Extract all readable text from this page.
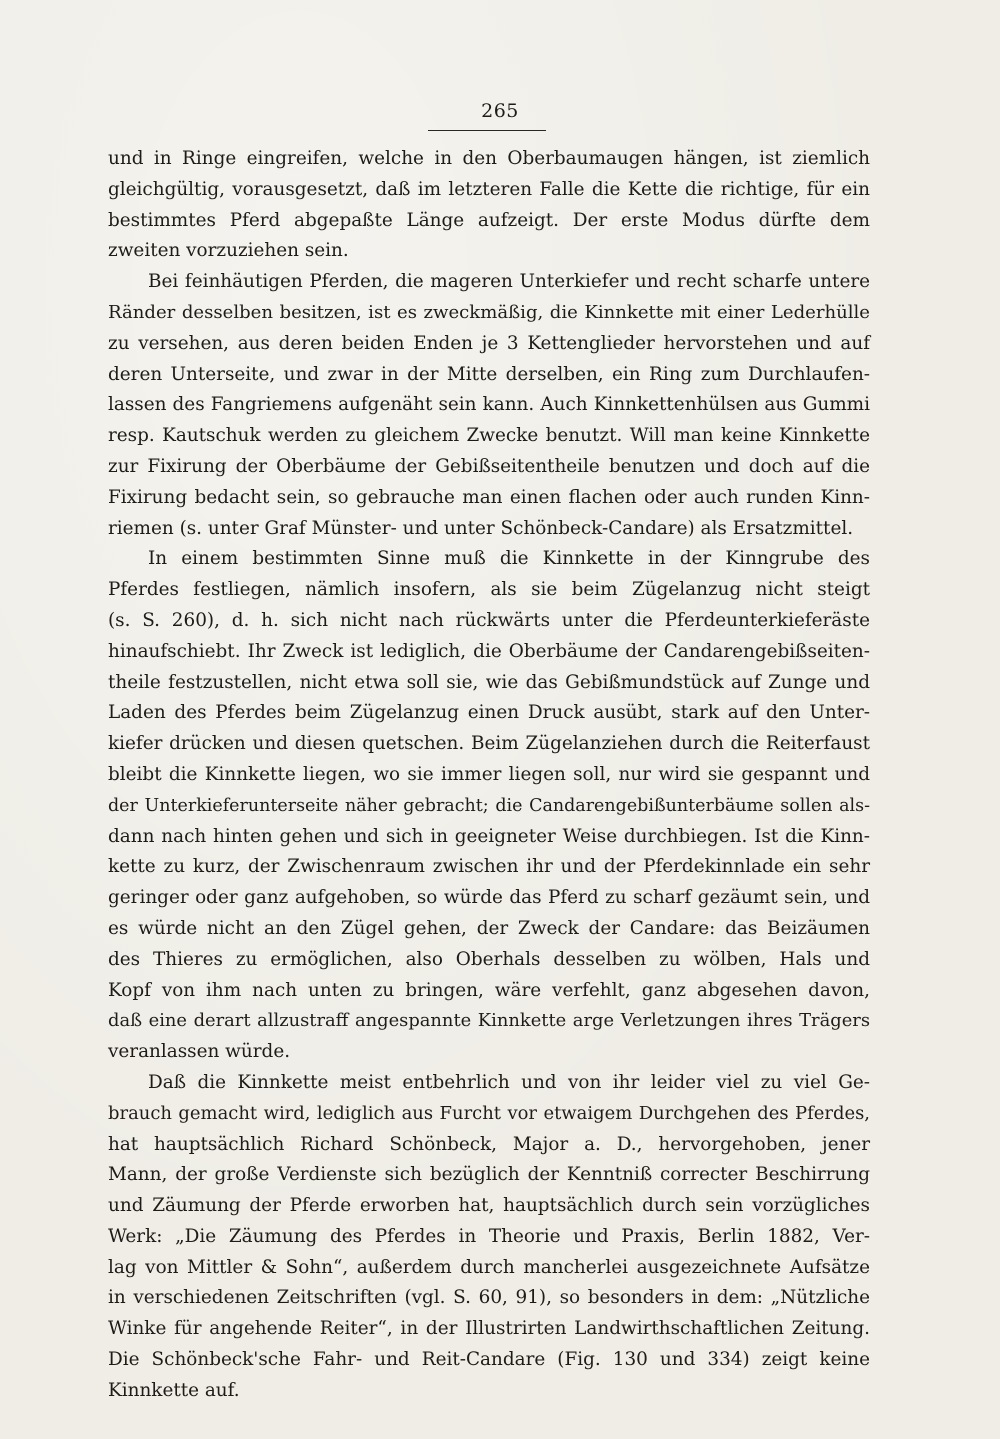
265
und in Ringe eingreifen, welche in den Oberbaumaugen hängen, ist ziemlich
gleichgültig, vorausgesetzt, daß im letzteren Falle die Kette die richtige, für ein
bestimmtes Pferd abgepaßte Länge aufzeigt. Der erste Modus dürfte dem
zweiten vorzuziehen sein.
Bei feinhäutigen Pferden, die mageren Unterkiefer und recht scharfe untere
Ränder desselben besitzen, ist es zweckmäßig, die Kinnkette mit einer Lederhülle
zu versehen, aus deren beiden Enden je 3 Kettenglieder hervorstehen und auf
deren Unterseite, und zwar in der Mitte derselben, ein Ring zum Durchlaufen-
lassen des Fangriemens aufgenäht sein kann. Auch Kinnkettenhülsen aus Gummi
resp. Kautschuk werden zu gleichem Zwecke benutzt. Will man keine Kinnkette
zur Fixirung der Oberbäume der Gebißseitentheile benutzen und doch auf die
Fixirung bedacht sein, so gebrauche man einen flachen oder auch runden Kinn-
riemen (s. unter Graf Münster- und unter Schönbeck-Candare) als Ersatzmittel.
In einem bestimmten Sinne muß die Kinnkette in der Kinngrube des
Pferdes festliegen, nämlich insofern, als sie beim Zügelanzug nicht steigt
(s. S. 260), d. h. sich nicht nach rückwärts unter die Pferdeunterkieferäste
hinaufschiebt. Ihr Zweck ist lediglich, die Oberbäume der Candarengebißseiten-
theile festzustellen, nicht etwa soll sie, wie das Gebißmundstück auf Zunge und
Laden des Pferdes beim Zügelanzug einen Druck ausübt, stark auf den Unter-
kiefer drücken und diesen quetschen. Beim Zügelanziehen durch die Reiterfaust
bleibt die Kinnkette liegen, wo sie immer liegen soll, nur wird sie gespannt und
der Unterkieferunterseite näher gebracht; die Candarengebißunterbäume sollen als-
dann nach hinten gehen und sich in geeigneter Weise durchbiegen. Ist die Kinn-
kette zu kurz, der Zwischenraum zwischen ihr und der Pferdekinnlade ein sehr
geringer oder ganz aufgehoben, so würde das Pferd zu scharf gezäumt sein, und
es würde nicht an den Zügel gehen, der Zweck der Candare: das Beizäumen
des Thieres zu ermöglichen, also Oberhals desselben zu wölben, Hals und
Kopf von ihm nach unten zu bringen, wäre verfehlt, ganz abgesehen davon,
daß eine derart allzustraff angespannte Kinnkette arge Verletzungen ihres Trägers
veranlassen würde.
Daß die Kinnkette meist entbehrlich und von ihr leider viel zu viel Ge-
brauch gemacht wird, lediglich aus Furcht vor etwaigem Durchgehen des Pferdes,
hat hauptsächlich Richard Schönbeck, Major a. D., hervorgehoben, jener
Mann, der große Verdienste sich bezüglich der Kenntniß correcter Beschirrung
und Zäumung der Pferde erworben hat, hauptsächlich durch sein vorzügliches
Werk: „Die Zäumung des Pferdes in Theorie und Praxis, Berlin 1882, Ver-
lag von Mittler & Sohn“, außerdem durch mancherlei ausgezeichnete Aufsätze
in verschiedenen Zeitschriften (vgl. S. 60, 91), so besonders in dem: „Nützliche
Winke für angehende Reiter“, in der Illustrirten Landwirthschaftlichen Zeitung.
Die Schönbeck'sche Fahr- und Reit-Candare (Fig. 130 und 334) zeigt keine
Kinnkette auf.
